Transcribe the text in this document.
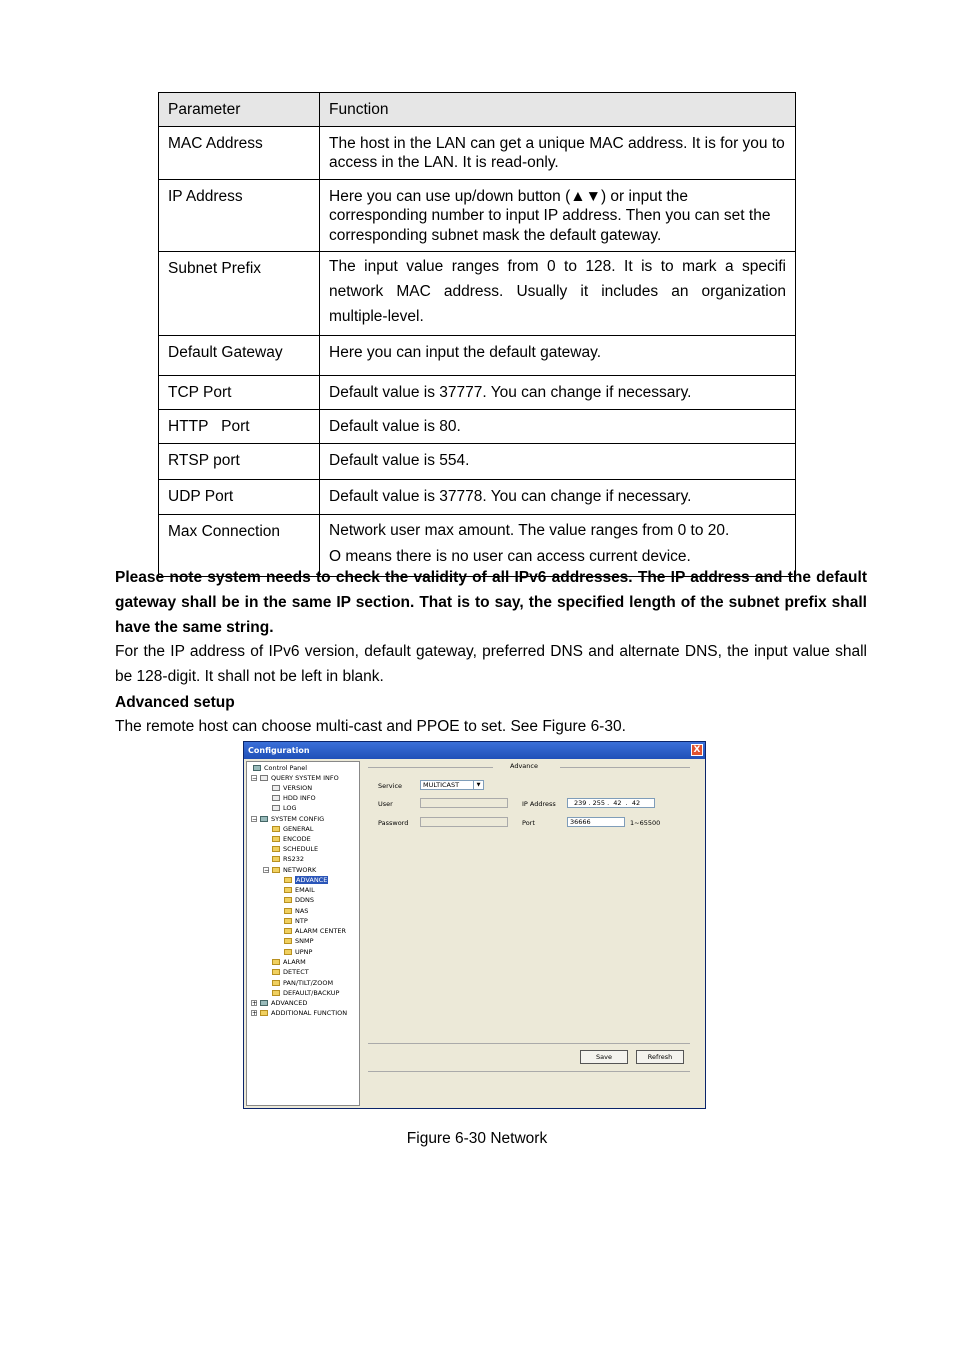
Parameter	Function
MAC Address	The host in the LAN can get a unique MAC address. It is for you to access in the LAN. It is read-only.
IP Address	Here you can use up/down button (▲▼) or input the corresponding number to input IP address. Then you can set the corresponding subnet mask the default gateway.
Subnet Prefix	The input value ranges from 0 to 128. It is to mark a specifi network MAC address. Usually it includes an organization multiple-level.
Default Gateway	Here you can input the default gateway.
TCP Port	Default value is 37777. You can change if necessary.
HTTP   Port	Default value is 80.
RTSP port	Default value is 554.
UDP Port	Default value is 37778. You can change if necessary.
Max Connection	Network user max amount. The value ranges from 0 to 20.
O means there is no user can access current device.
Please note system needs to check the validity of all IPv6 addresses. The IP address and the default gateway shall be in the same IP section. That is to say, the specified length of the subnet prefix shall have the same string.
For the IP address of IPv6 version, default gateway, preferred DNS and alternate DNS, the input value shall be 128-digit. It shall not be left in blank.
Advanced setup
The remote host can choose multi-cast and PPOE to set. See Figure 6-30.
Configuration	X
Control Panel
−	QUERY SYSTEM INFO
VERSION
HDD INFO
LOG
−	SYSTEM CONFIG
GENERAL
ENCODE
SCHEDULE
RS232
−	NETWORK
ADVANCE
EMAIL
DDNS
NAS
NTP
ALARM CENTER
SNMP
UPNP
ALARM
DETECT
PAN/TILT/ZOOM
DEFAULT/BACKUP
+	ADVANCED
+	ADDITIONAL FUNCTION
Advance
Service	MULTICAST	▼
User
Password
IP Address	239 . 255 .  42  .  42
Port	36666	1~65500
Save	Refresh
Figure 6-30 Network
